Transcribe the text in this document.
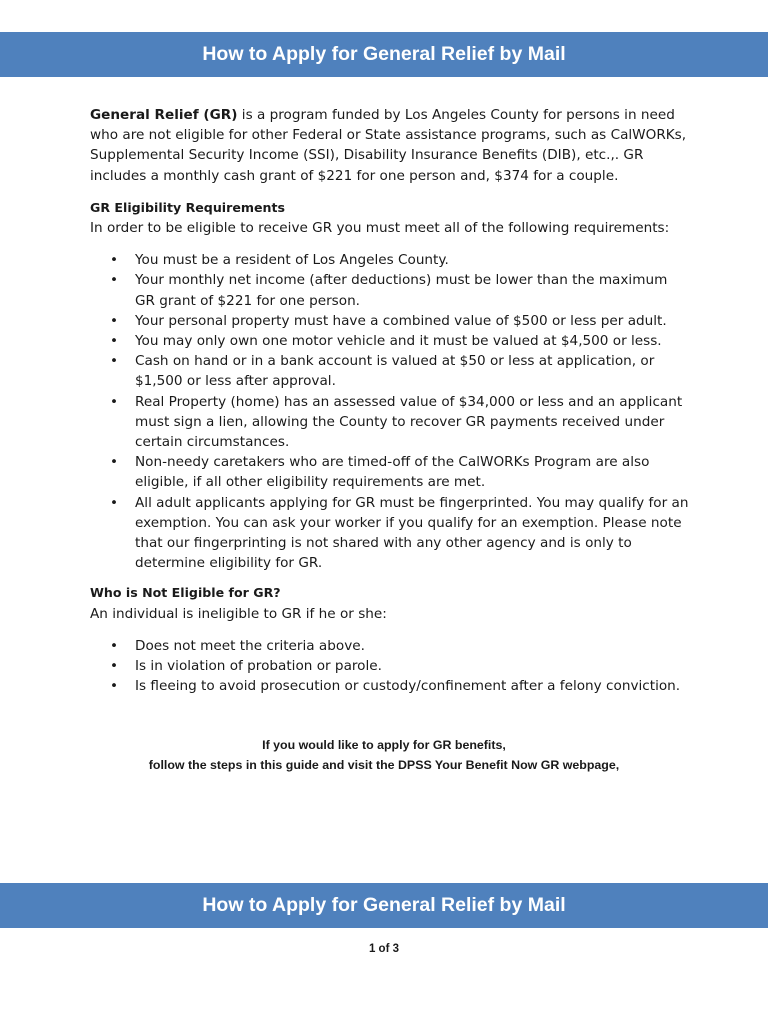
How to Apply for General Relief by Mail

General Relief (GR) is a program funded by Los Angeles County for persons in need who are not eligible for other Federal or State assistance programs, such as CalWORKs, Supplemental Security Income (SSI), Disability Insurance Benefits (DIB), etc.,. GR includes a monthly cash grant of $221 for one person and, $374 for a couple.

GR Eligibility Requirements

In order to be eligible to receive GR you must meet all of the following requirements:

• You must be a resident of Los Angeles County.
• Your monthly net income (after deductions) must be lower than the maximum GR grant of $221 for one person.
• Your personal property must have a combined value of $500 or less per adult.
• You may only own one motor vehicle and it must be valued at $4,500 or less.
• Cash on hand or in a bank account is valued at $50 or less at application, or $1,500 or less after approval.
• Real Property (home) has an assessed value of $34,000 or less and an applicant must sign a lien, allowing the County to recover GR payments received under certain circumstances.
• Non-needy caretakers who are timed-off of the CalWORKs Program are also eligible, if all other eligibility requirements are met.
• All adult applicants applying for GR must be fingerprinted. You may qualify for an exemption. You can ask your worker if you qualify for an exemption. Please note that our fingerprinting is not shared with any other agency and is only to determine eligibility for GR.

Who is Not Eligible for GR?

An individual is ineligible to GR if he or she:

• Does not meet the criteria above.
• Is in violation of probation or parole.
• Is fleeing to avoid prosecution or custody/confinement after a felony conviction.
If you would like to apply for GR benefits,
follow the steps in this guide and visit the DPSS Your Benefit Now GR webpage,
How to Apply for General Relief by Mail
1 of 3
